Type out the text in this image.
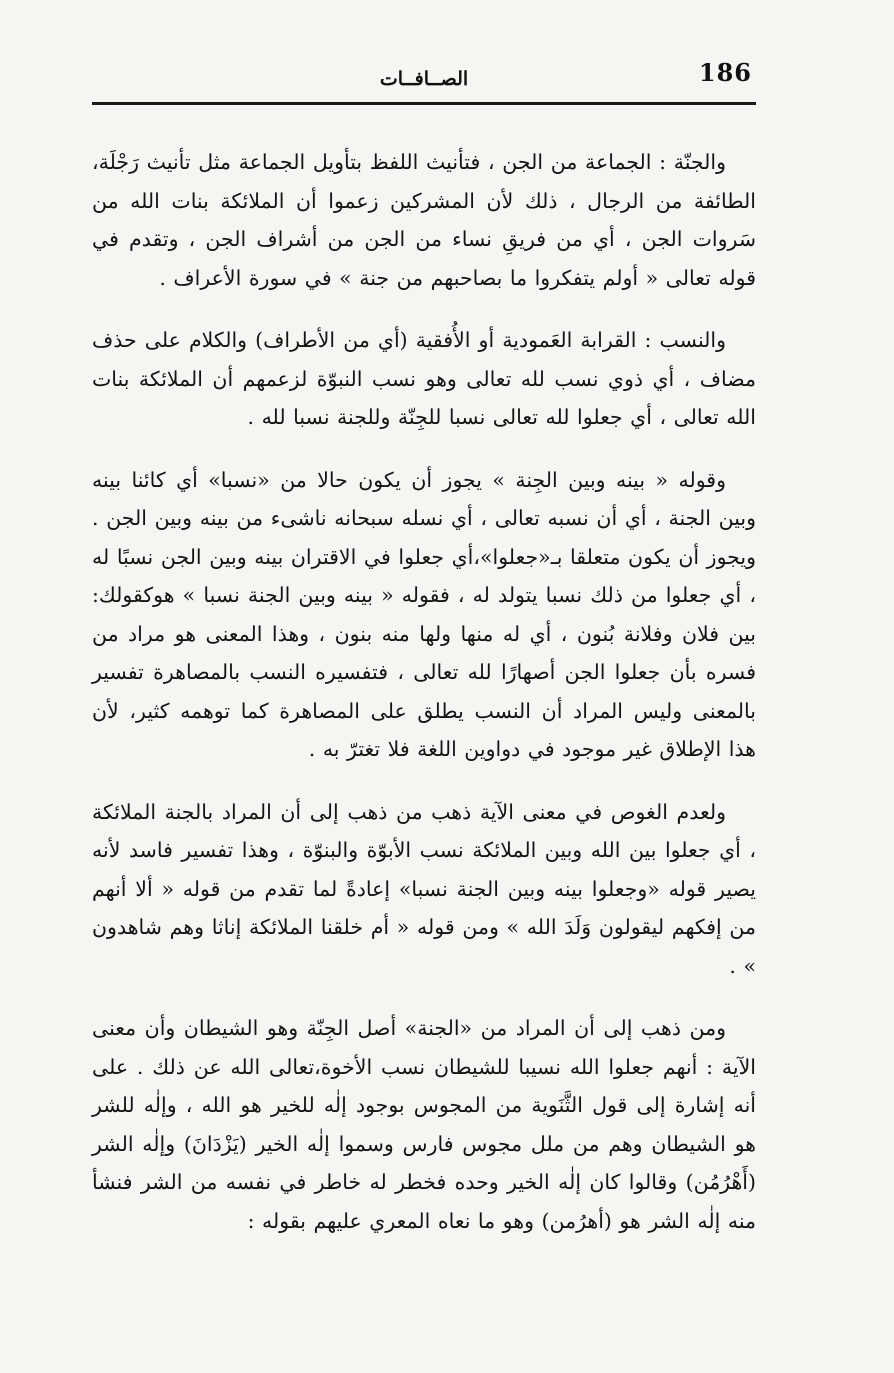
186
الصــافــات

والجنّة : الجماعة من الجن ، فتأنيث اللفظ بتأويل الجماعة مثل تأنيث رَجْلَة، الطائفة من الرجال ، ذلك لأن المشركين زعموا أن الملائكة بنات الله من سَروات الجن ، أي من فريقِ نساء من الجن من أشراف الجن ، وتقدم في قوله تعالى « أولم يتفكروا ما بصاحبهم من جنة » في سورة الأعراف .

والنسب : القرابة العَمودية أو الأُفقية (أي من الأطراف) والكلام على حذف مضاف ، أي ذوي نسب لله تعالى وهو نسب النبوّة لزعمهم أن الملائكة بنات الله تعالى ، أي جعلوا لله تعالى نسبا للجِنّة وللجنة نسبا لله .

وقوله « بينه وبين الجِنة » يجوز أن يكون حالا من «نسبا» أي كائنا بينه وبين الجنة ، أي أن نسبه تعالى ، أي نسله سبحانه ناشىء من بينه وبين الجن . ويجوز أن يكون متعلقا بـ«جعلوا»،أي جعلوا في الاقتران بينه وبين الجن نسبًا له ، أي جعلوا من ذلك نسبا يتولد له ، فقوله « بينه وبين الجنة نسبا » هوكقولك: بين فلان وفلانة بُنون ، أي له منها ولها منه بنون ، وهذا المعنى هو مراد من فسره بأن جعلوا الجن أصهارًا لله تعالى ، فتفسيره النسب بالمصاهرة تفسير بالمعنى وليس المراد أن النسب يطلق على المصاهرة كما توهمه كثير، لأن هذا الإطلاق غير موجود في دواوين اللغة فلا تغترّ به .

ولعدم الغوص في معنى الآية ذهب من ذهب إلى أن المراد بالجنة الملائكة ، أي جعلوا بين الله وبين الملائكة نسب الأبوّة والبنوّة ، وهذا تفسير فاسد لأنه يصير قوله «وجعلوا بينه وبين الجنة نسبا» إعادةً لما تقدم من قوله « ألا أنهم من إفكهم ليقولون وَلَدَ الله » ومن قوله « أم خلقنا الملائكة إناثا وهم شاهدون » .

ومن ذهب إلى أن المراد من «الجنة» أصل الجِنّة وهو الشيطان وأن معنى الآية : أنهم جعلوا الله نسيبا للشيطان نسب الأخوة،تعالى الله عن ذلك . على أنه إشارة إلى قول الثَّنَوية من المجوس بوجود إلٰه للخير هو الله ، وإلٰه للشر هو الشيطان وهم من ملل مجوس فارس وسموا إلٰه الخير (يَزْدَانَ) وإلٰه الشر (أَهْرُمُن) وقالوا كان إلٰه الخير وحده فخطر له خاطر في نفسه من الشر فنشأ منه إلٰه الشر هو (أهرُمن) وهو ما نعاه المعري عليهم بقوله :
